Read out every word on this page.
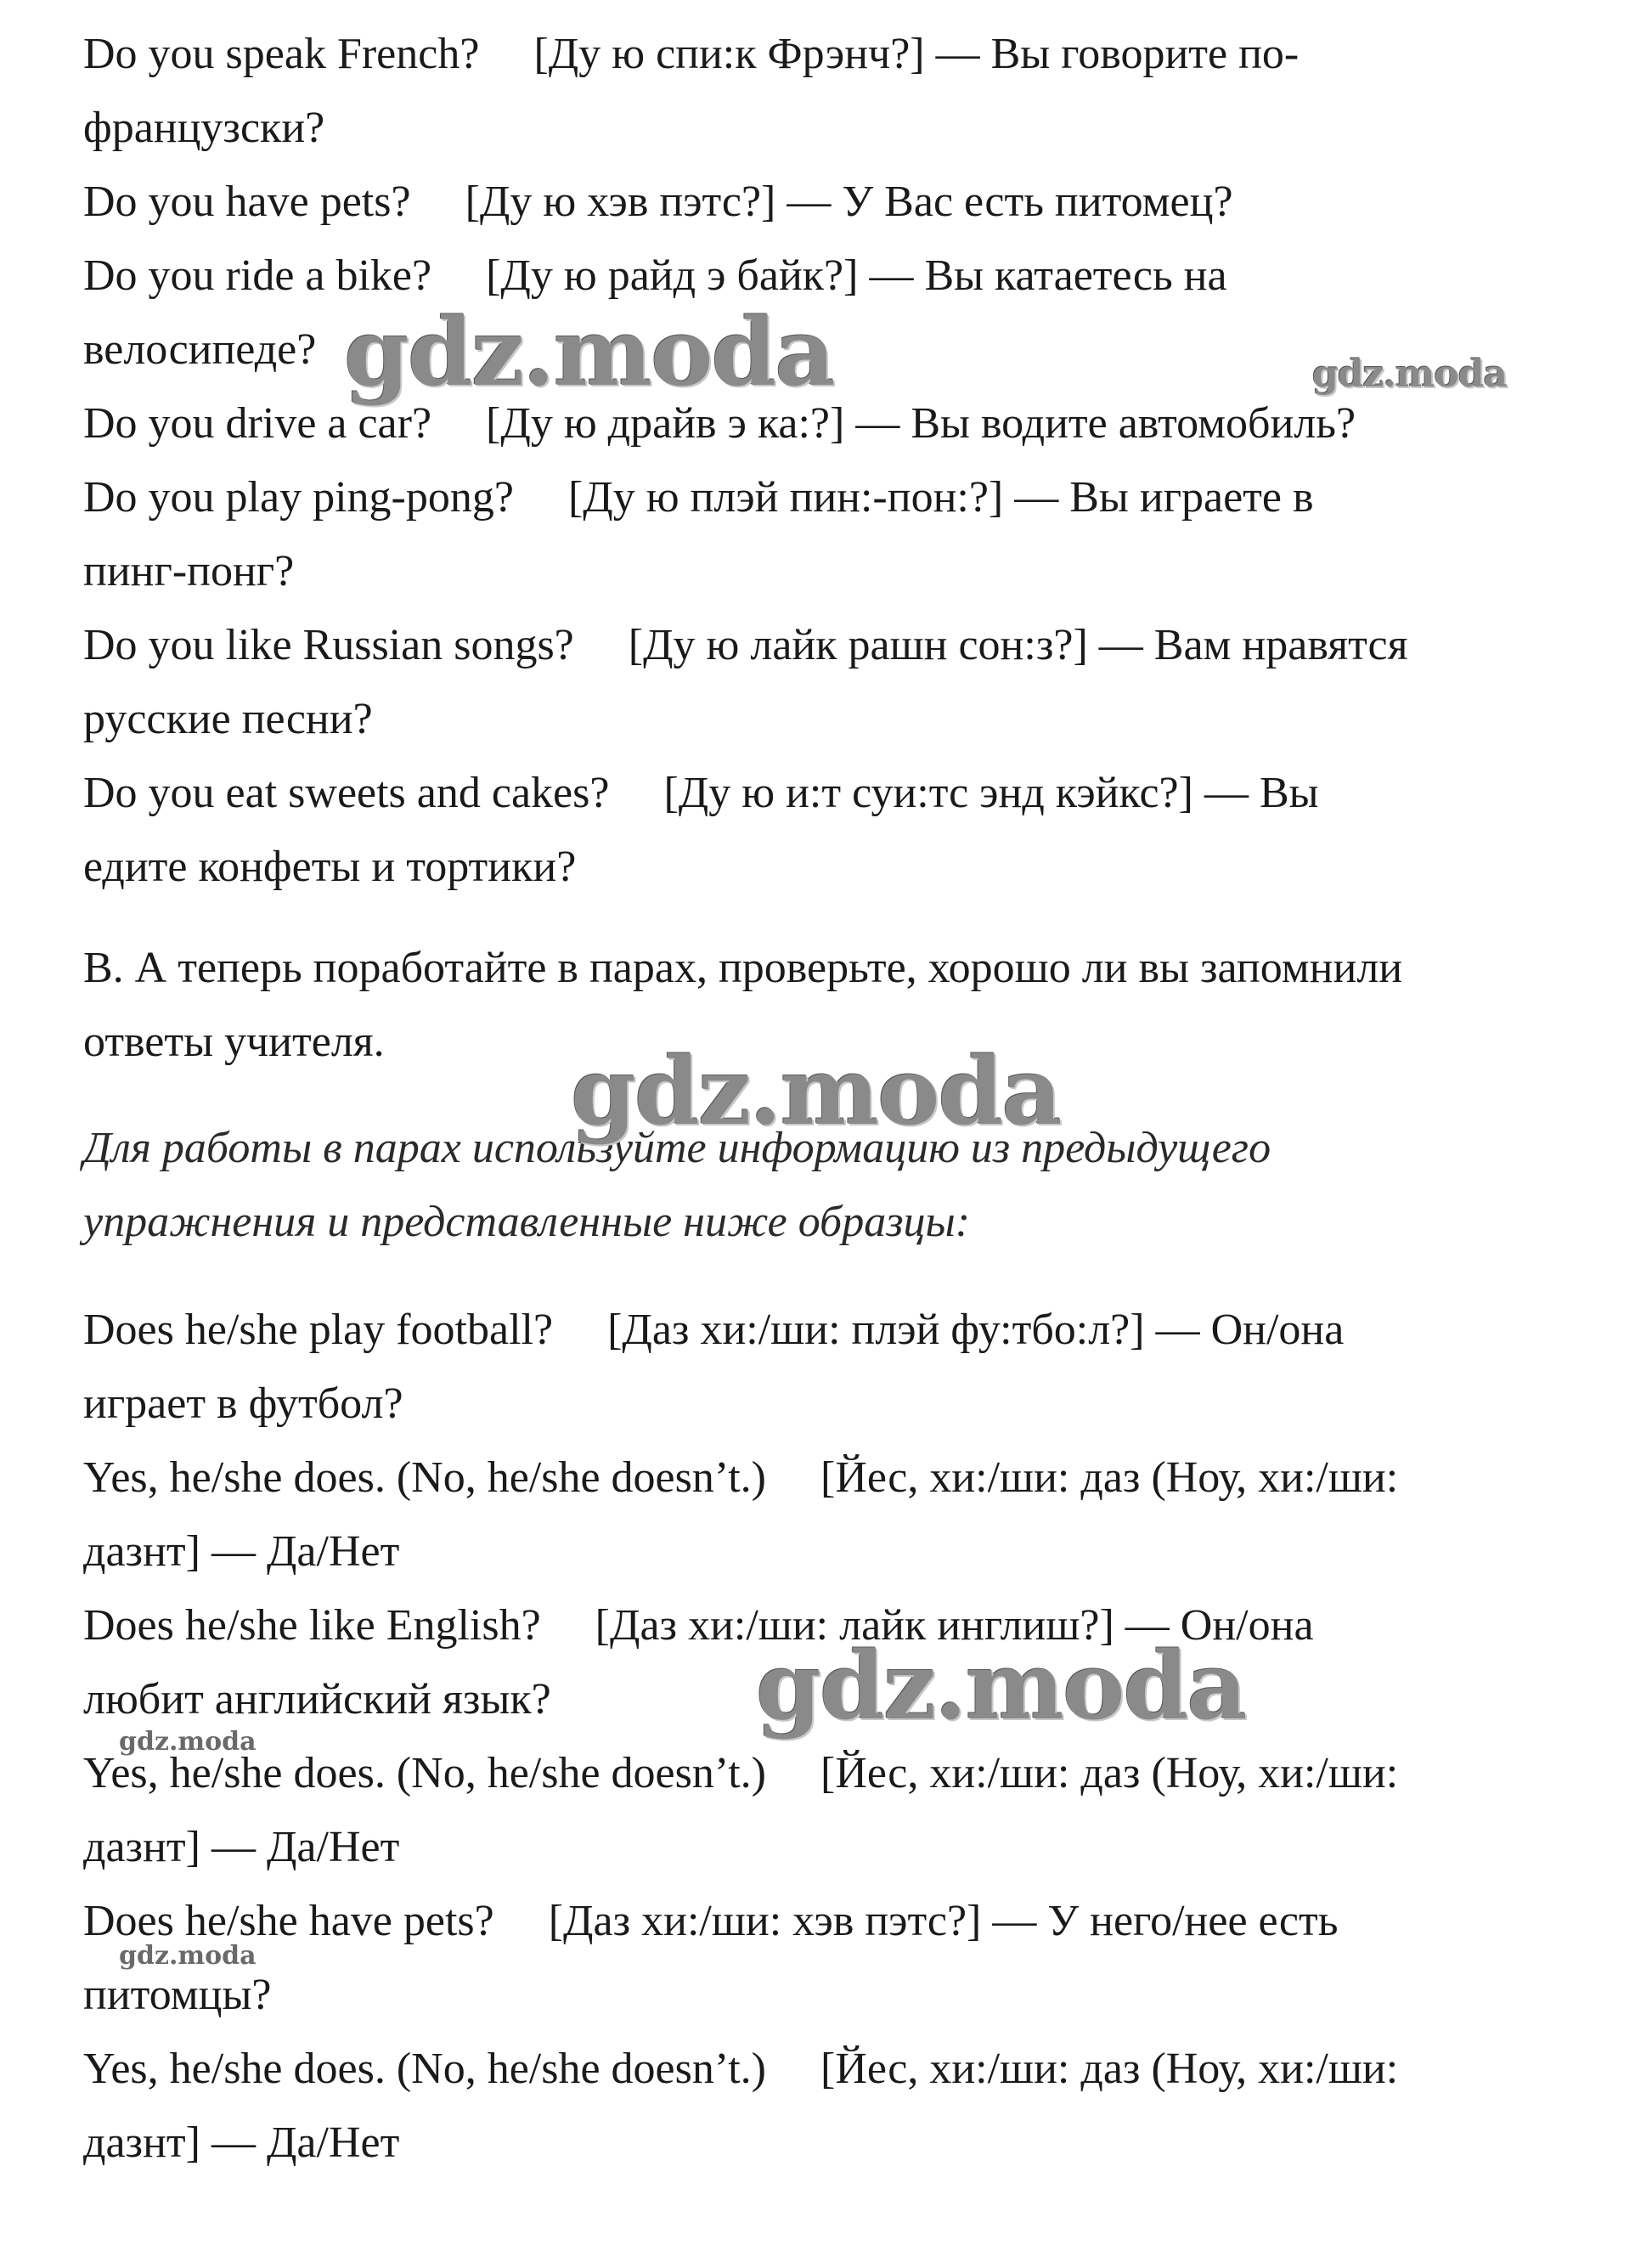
Do you speak French? [Ду ю спи:к Фрэнч?] — Вы говорите по-
французски?

Do you have pets? [Ду ю хэв пэтс?] — У Вас есть питомец?

Do you ride a bike? [Ду ю райд э байк?] — Вы катаетесь на
велосипеде?

Do you drive a car? [Ду ю драйв э ка:?] — Вы водите автомобиль?

Do you play ping-pong? [Ду ю плэй пин:-пон:?] — Вы играете в
пинг-понг?

Do you like Russian songs? [Ду ю лайк рашн сон:з?] — Вам нравятся
русские песни?

Do you eat sweets and cakes? [Ду ю и:т суи:тс энд кэйкс?] — Вы
едите конфеты и тортики?

B. А теперь поработайте в парах, проверьте, хорошо ли вы запомнили
ответы учителя.

Для работы в парах используйте информацию из предыдущего
упражнения и представленные ниже образцы:

Does he/she play football? [Даз хи:/ши: плэй фу:тбо:л?] — Он/она
играет в футбол?

Yes, he/she does. (No, he/she doesn’t.) [Йес, хи:/ши: даз (Ноу, хи:/ши:
дазнт] — Да/Нет

Does he/she like English? [Даз хи:/ши: лайк инглиш?] — Он/она
любит английский язык?

Yes, he/she does. (No, he/she doesn’t.) [Йес, хи:/ши: даз (Ноу, хи:/ши:
дазнт] — Да/Нет

Does he/she have pets? [Даз хи:/ши: хэв пэтс?] — У него/нее есть
питомцы?

Yes, he/she does. (No, he/she doesn’t.) [Йес, хи:/ши: даз (Ноу, хи:/ши:
дазнт] — Да/Нет

gdz.moda	gdz.moda
gdz.moda
gdz.moda
gdz.moda
gdz.moda
